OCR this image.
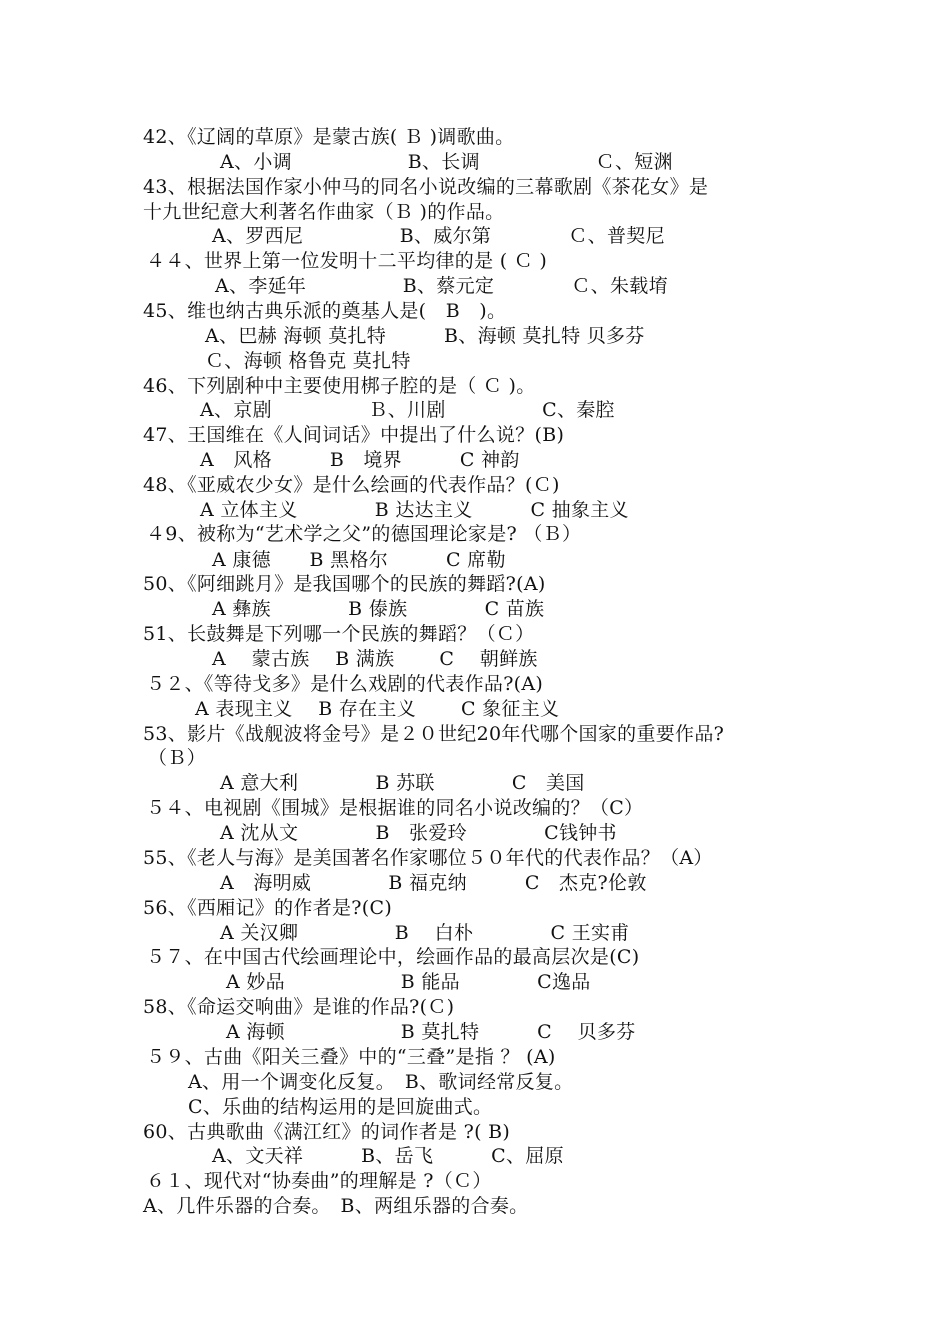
42、《辽阔的草原》是蒙古族( Ｂ )调歌曲。
A、小调　　　　　　B、长调　　　　　　Ｃ、短渊
43、根据法国作家小仲马的同名小说改编的三幕歌剧《茶花女》是
十九世纪意大利著名作曲家（Ｂ )的作品。
A、罗西尼　　　　　B、威尔第　　　　Ｃ、普契尼
４４、世界上第一位发明十二平均律的是 ( Ｃ )
A、李延年　　　　　B、蔡元定　　　　Ｃ、朱载堉
45、维也纳古典乐派的奠基人是(　B　)。
A、巴赫 海顿 莫扎特　　　B、海顿 莫扎特 贝多芬
Ｃ、海顿 格鲁克 莫扎特
46、下列剧种中主要使用梆子腔的是（ Ｃ )。
A、京剧　　　　　Ｂ、川剧　　　　　C、秦腔
47、王国维在《人间词话》中提出了什么说？(B)
A　风格　　　B　境界　　　C 神韵
48、《亚威农少女》是什么绘画的代表作品？(Ｃ)
A 立体主义　　　　B 达达主义　　　C 抽象主义
４9、被称为“艺术学之父”的德国理论家是? （Ｂ）
A 康德　　B 黑格尔　　　C 席勒
50、《阿细跳月》是我国哪个的民族的舞蹈?(A)
A 彝族　　　　B 傣族　　　　C 苗族
51、长鼓舞是下列哪一个民族的舞蹈？（Ｃ）
A　 蒙古族　 B 满族　　 C　 朝鲜族
５２、《等待戈多》是什么戏剧的代表作品?(A)
A 表现主义　 B 存在主义　　 C 象征主义
53、影片《战舰波将金号》是２０世纪20年代哪个国家的重要作品?
（Ｂ）
A 意大利　　　　B 苏联　　　　C　美国
５４、电视剧《围城》是根据谁的同名小说改编的？（C）
A 沈从文　　　　B　张爱玲　　　　C钱钟书
55、《老人与海》是美国著名作家哪位５０年代的代表作品？（A）
A　海明威　　　　B 福克纳　　　C　杰克?伦敦
56、《西厢记》的作者是?(C)
A 关汉卿　　　　　B　 白朴　　　　C 王实甫
５７、在中国古代绘画理论中，绘画作品的最高层次是(C)
A 妙品　　　　　　B 能品　　　　C逸品
58、《命运交响曲》是谁的作品?(Ｃ)
A 海顿　　　　　　B 莫扎特　　　C　 贝多芬
５９、古曲《阳关三叠》中的“三叠”是指 ？ (A)
A、用一个调变化反复。　B、歌词经常反复。
C、乐曲的结构运用的是回旋曲式。
60、古典歌曲《满江红》的词作者是 ?( B)
A、文天祥　　　B、岳飞　　　C、屈原
６１、现代对“协奏曲”的理解是 ?（Ｃ）
A、几件乐器的合奏。　B、两组乐器的合奏。
